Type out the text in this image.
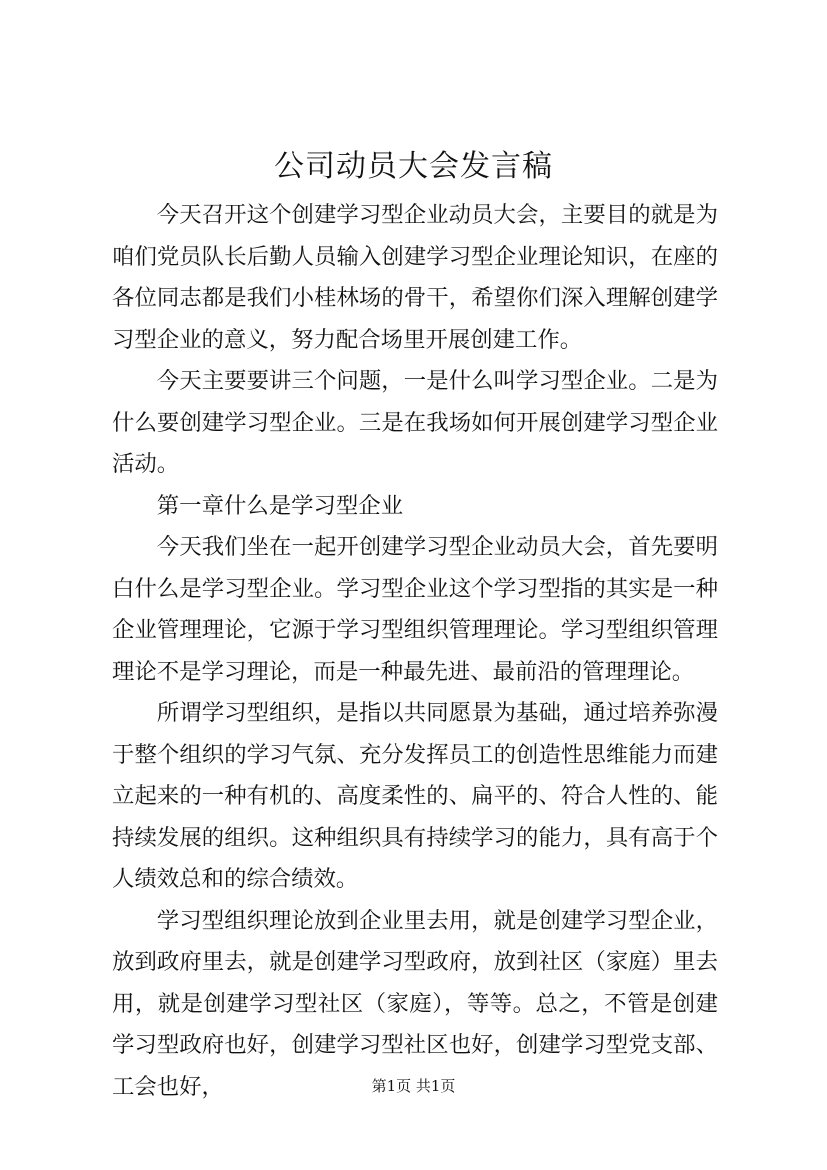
公司动员大会发言稿

今天召开这个创建学习型企业动员大会，主要目的就是为咱们党员队长后勤人员输入创建学习型企业理论知识，在座的各位同志都是我们小桂林场的骨干，希望你们深入理解创建学习型企业的意义，努力配合场里开展创建工作。

今天主要要讲三个问题，一是什么叫学习型企业。二是为什么要创建学习型企业。三是在我场如何开展创建学习型企业活动。

第一章什么是学习型企业

今天我们坐在一起开创建学习型企业动员大会，首先要明白什么是学习型企业。学习型企业这个学习型指的其实是一种企业管理理论，它源于学习型组织管理理论。学习型组织管理理论不是学习理论，而是一种最先进、最前沿的管理理论。

所谓学习型组织，是指以共同愿景为基础，通过培养弥漫于整个组织的学习气氛、充分发挥员工的创造性思维能力而建立起来的一种有机的、高度柔性的、扁平的、符合人性的、能持续发展的组织。这种组织具有持续学习的能力，具有高于个人绩效总和的综合绩效。

学习型组织理论放到企业里去用，就是创建学习型企业，放到政府里去，就是创建学习型政府，放到社区（家庭）里去用，就是创建学习型社区（家庭），等等。总之，不管是创建学习型政府也好，创建学习型社区也好，创建学习型党支部、工会也好，	第1页 共1页
